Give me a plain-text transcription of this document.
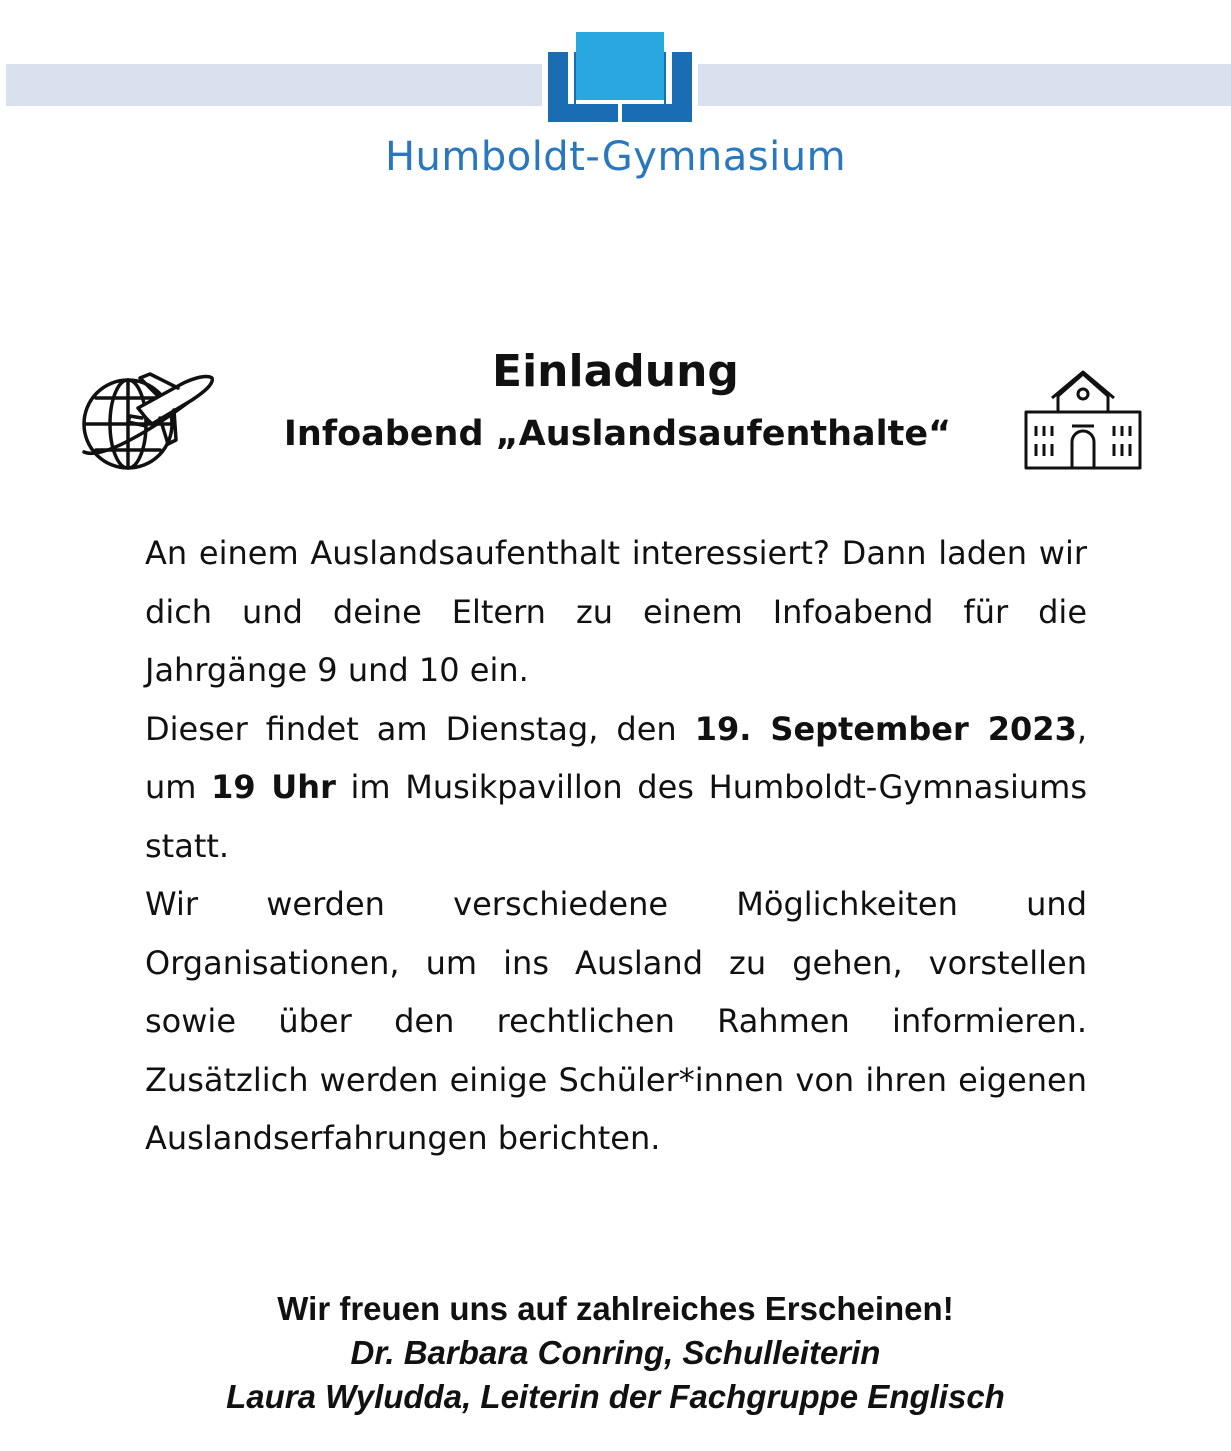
Humboldt-Gymnasium
Einladung
Infoabend „Auslandsaufenthalte“

An einem Auslandsaufenthalt interessiert? Dann laden wir dich und deine Eltern zu einem Infoabend für die Jahrgänge 9 und 10 ein.

Dieser findet am Dienstag, den 19. September 2023, um 19 Uhr im Musikpavillon des Humboldt-Gymnasiums statt.

Wir werden verschiedene Möglichkeiten und Organisationen, um ins Ausland zu gehen, vorstellen sowie über den rechtlichen Rahmen informieren. Zusätzlich werden einige Schüler*innen von ihren eigenen Auslandserfahrungen berichten.

Wir freuen uns auf zahlreiches Erscheinen!
Dr. Barbara Conring, Schulleiterin
Laura Wyludda, Leiterin der Fachgruppe Englisch
